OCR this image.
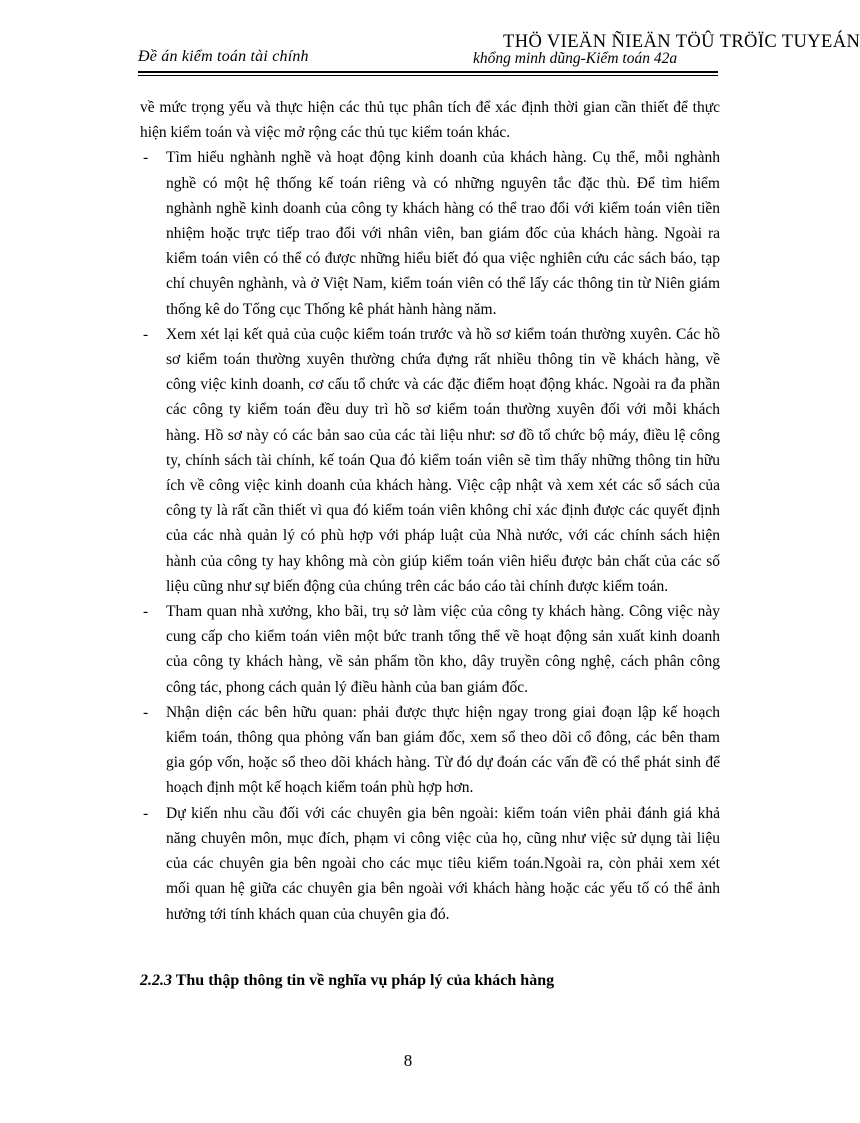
Đề án kiểm toán tài chính
THÖ VIEÄN ÑIEÄN TÖÛ TRÖÏC TUYEÁN
khổng minh dũng-Kiểm toán 42a

về mức trọng yếu và thực hiện các thủ tục phân tích để xác định thời gian cần thiết để thực hiện kiểm toán và việc mở rộng các thủ tục kiểm toán khác.

- Tìm hiểu nghành nghề và hoạt động kinh doanh của khách hàng. Cụ thể, mỗi nghành nghề có một hệ thống kế toán riêng và có những nguyên tắc đặc thù. Để tìm hiểm nghành nghề kinh doanh của công ty khách hàng có thể trao đổi với kiểm toán viên tiền nhiệm hoặc trực tiếp trao đổi với nhân viên, ban giám đốc của khách hàng. Ngoài ra kiểm toán viên có thể có được những hiểu biết đó qua việc nghiên cứu các sách báo, tạp chí chuyên nghành, và ở Việt Nam, kiểm toán viên có thể lấy các thông tin từ Niên giám thống kê do Tổng cục Thống kê phát hành hàng năm.
- Xem xét lại kết quả của cuộc kiểm toán trước và hồ sơ kiểm toán thường xuyên. Các hồ sơ kiểm toán thường xuyên thường chứa đựng rất nhiều thông tin về khách hàng, về công việc kinh doanh, cơ cấu tổ chức và các đặc điểm hoạt động khác. Ngoài ra đa phần các công ty kiểm toán đều duy trì hồ sơ kiểm toán thường xuyên đối với mỗi khách hàng. Hồ sơ này có các bản sao của các tài liệu như: sơ đồ tổ chức bộ máy, điều lệ công ty, chính sách tài chính, kế toán Qua đó kiểm toán viên sẽ tìm thấy những thông tin hữu ích về công việc kinh doanh của khách hàng. Việc cập nhật và xem xét các sổ sách của công ty là rất cần thiết vì qua đó kiểm toán viên không chỉ xác định được các quyết định của các nhà quản lý có phù hợp với pháp luật của Nhà nước, với các chính sách hiện hành của công ty hay không mà còn giúp kiểm toán viên hiểu được bản chất của các số liệu cũng như sự biến động của chúng trên các báo cáo tài chính được kiểm toán.
- Tham quan nhà xưởng, kho bãi, trụ sở làm việc của công ty khách hàng. Công việc này cung cấp cho kiểm toán viên một bức tranh tổng thể về hoạt động sản xuất kinh doanh của công ty khách hàng, về sản phẩm tồn kho, dây truyền công nghệ, cách phân công công tác, phong cách quản lý điều hành của ban giám đốc.
- Nhận diện các bên hữu quan: phải được thực hiện ngay trong giai đoạn lập kế hoạch kiểm toán, thông qua phỏng vấn ban giám đốc, xem sổ theo dõi cổ đông, các bên tham gia góp vốn, hoặc sổ theo dõi khách hàng. Từ đó dự đoán các vấn đề có thể phát sinh để hoạch định một kế hoạch kiểm toán phù hợp hơn.
- Dự kiến nhu cầu đối với các chuyên gia bên ngoài: kiểm toán viên phải đánh giá khả năng chuyên môn, mục đích, phạm vi công việc của họ, cũng như việc sử dụng tài liệu của các chuyên gia bên ngoài cho các mục tiêu kiểm toán.Ngoài ra, còn phải xem xét mối quan hệ giữa các chuyên gia bên ngoài với khách hàng hoặc các yếu tố có thể ảnh hưởng tới tính khách quan của chuyên gia đó.
2.2.3 Thu thập thông tin về nghĩa vụ pháp lý của khách hàng
8
